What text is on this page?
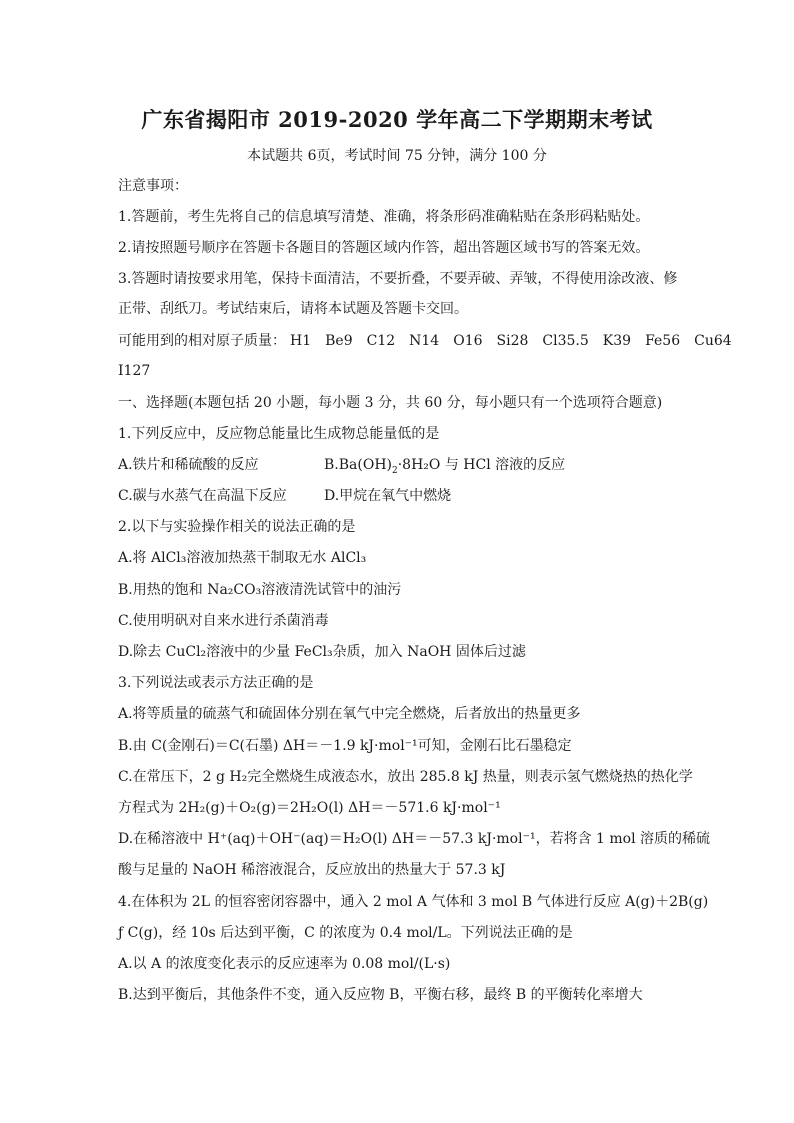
广东省揭阳市 2019-2020 学年高二下学期期末考试
本试题共 6页，考试时间 75 分钟，满分 100 分
注意事项：
1.答题前，考生先将自己的信息填写清楚、准确，将条形码准确粘贴在条形码粘贴处。
2.请按照题号顺序在答题卡各题目的答题区域内作答，超出答题区域书写的答案无效。
3.答题时请按要求用笔，保持卡面清洁，不要折叠，不要弄破、弄皱，不得使用涂改液、修
正带、刮纸刀。考试结束后，请将本试题及答题卡交回。
可能用到的相对原子质量： H1 Be9 C12 N14 O16 Si28 Cl35.5 K39 Fe56 Cu64
I127
一、选择题(本题包括 20 小题，每小题 3 分，共 60 分，每小题只有一个选项符合题意)
1.下列反应中，反应物总能量比生成物总能量低的是
A.铁片和稀硫酸的反应	$B.Ba(OH)_2\cdot 8H_2O$ 与 HCl 溶液的反应
C.碳与水蒸气在高温下反应	D.甲烷在氧气中燃烧
2.以下与实验操作相关的说法正确的是
A.将 AlCl₃溶液加热蒸干制取无水 AlCl₃
B.用热的饱和 Na₂CO₃溶液清洗试管中的油污
C.使用明矾对自来水进行杀菌消毒
D.除去 CuCl₂溶液中的少量 FeCl₃杂质，加入 NaOH 固体后过滤
3.下列说法或表示方法正确的是
A.将等质量的硫蒸气和硫固体分别在氧气中完全燃烧，后者放出的热量更多
B.由 C(金刚石)＝C(石墨) ΔH＝－1.9 kJ·mol⁻¹可知，金刚石比石墨稳定
C.在常压下，2 g H₂完全燃烧生成液态水，放出 285.8 kJ 热量，则表示氢气燃烧热的热化学
方程式为 2H₂(g)＋O₂(g)＝2H₂O(l) ΔH＝－571.6 kJ·mol⁻¹
D.在稀溶液中 H⁺(aq)＋OH⁻(aq)＝H₂O(l) ΔH＝－57.3 kJ·mol⁻¹，若将含 1 mol 溶质的稀硫
酸与足量的 NaOH 稀溶液混合，反应放出的热量大于 57.3 kJ
4.在体积为 2L 的恒容密闭容器中，通入 2 mol A 气体和 3 mol B 气体进行反应 A(g)＋2B(g)
ƒ C(g)，经 10s 后达到平衡，C 的浓度为 0.4 mol/L。下列说法正确的是
A.以 A 的浓度变化表示的反应速率为 0.08 mol/(L·s)
B.达到平衡后，其他条件不变，通入反应物 B，平衡右移，最终 B 的平衡转化率增大
